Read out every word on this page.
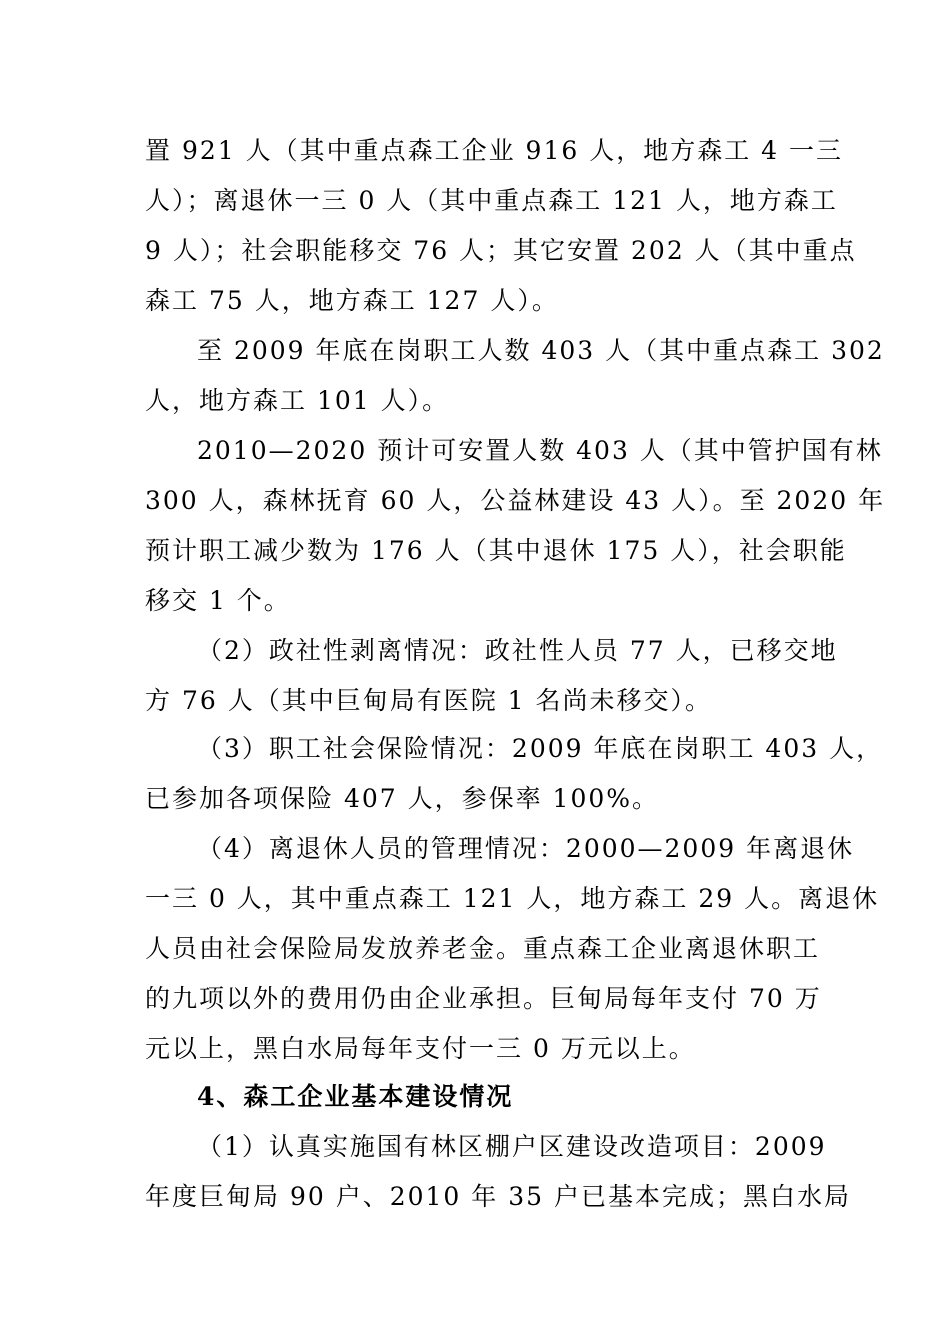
置 921 人（其中重点森工企业 916 人，地方森工 4 一三
人）；离退休一三 0 人（其中重点森工 121 人，地方森工
9 人）；社会职能移交 76 人；其它安置 202 人（其中重点
森工 75 人，地方森工 127 人）。
至 2009 年底在岗职工人数 403 人（其中重点森工 302
人，地方森工 101 人）。
2010—2020 预计可安置人数 403 人（其中管护国有林
300 人，森林抚育 60 人，公益林建设 43 人）。至 2020 年
预计职工减少数为 176 人（其中退休 175 人），社会职能
移交 1 个。
（2）政社性剥离情况：政社性人员 77 人，已移交地
方 76 人（其中巨甸局有医院 1 名尚未移交）。
（3）职工社会保险情况：2009 年底在岗职工 403 人，
已参加各项保险 407 人，参保率 100%。
（4）离退休人员的管理情况：2000—2009 年离退休
一三 0 人，其中重点森工 121 人，地方森工 29 人。离退休
人员由社会保险局发放养老金。重点森工企业离退休职工
的九项以外的费用仍由企业承担。巨甸局每年支付 70 万
元以上，黑白水局每年支付一三 0 万元以上。
4、森工企业基本建设情况
（1）认真实施国有林区棚户区建设改造项目：2009
年度巨甸局 90 户、2010 年 35 户已基本完成；黑白水局
